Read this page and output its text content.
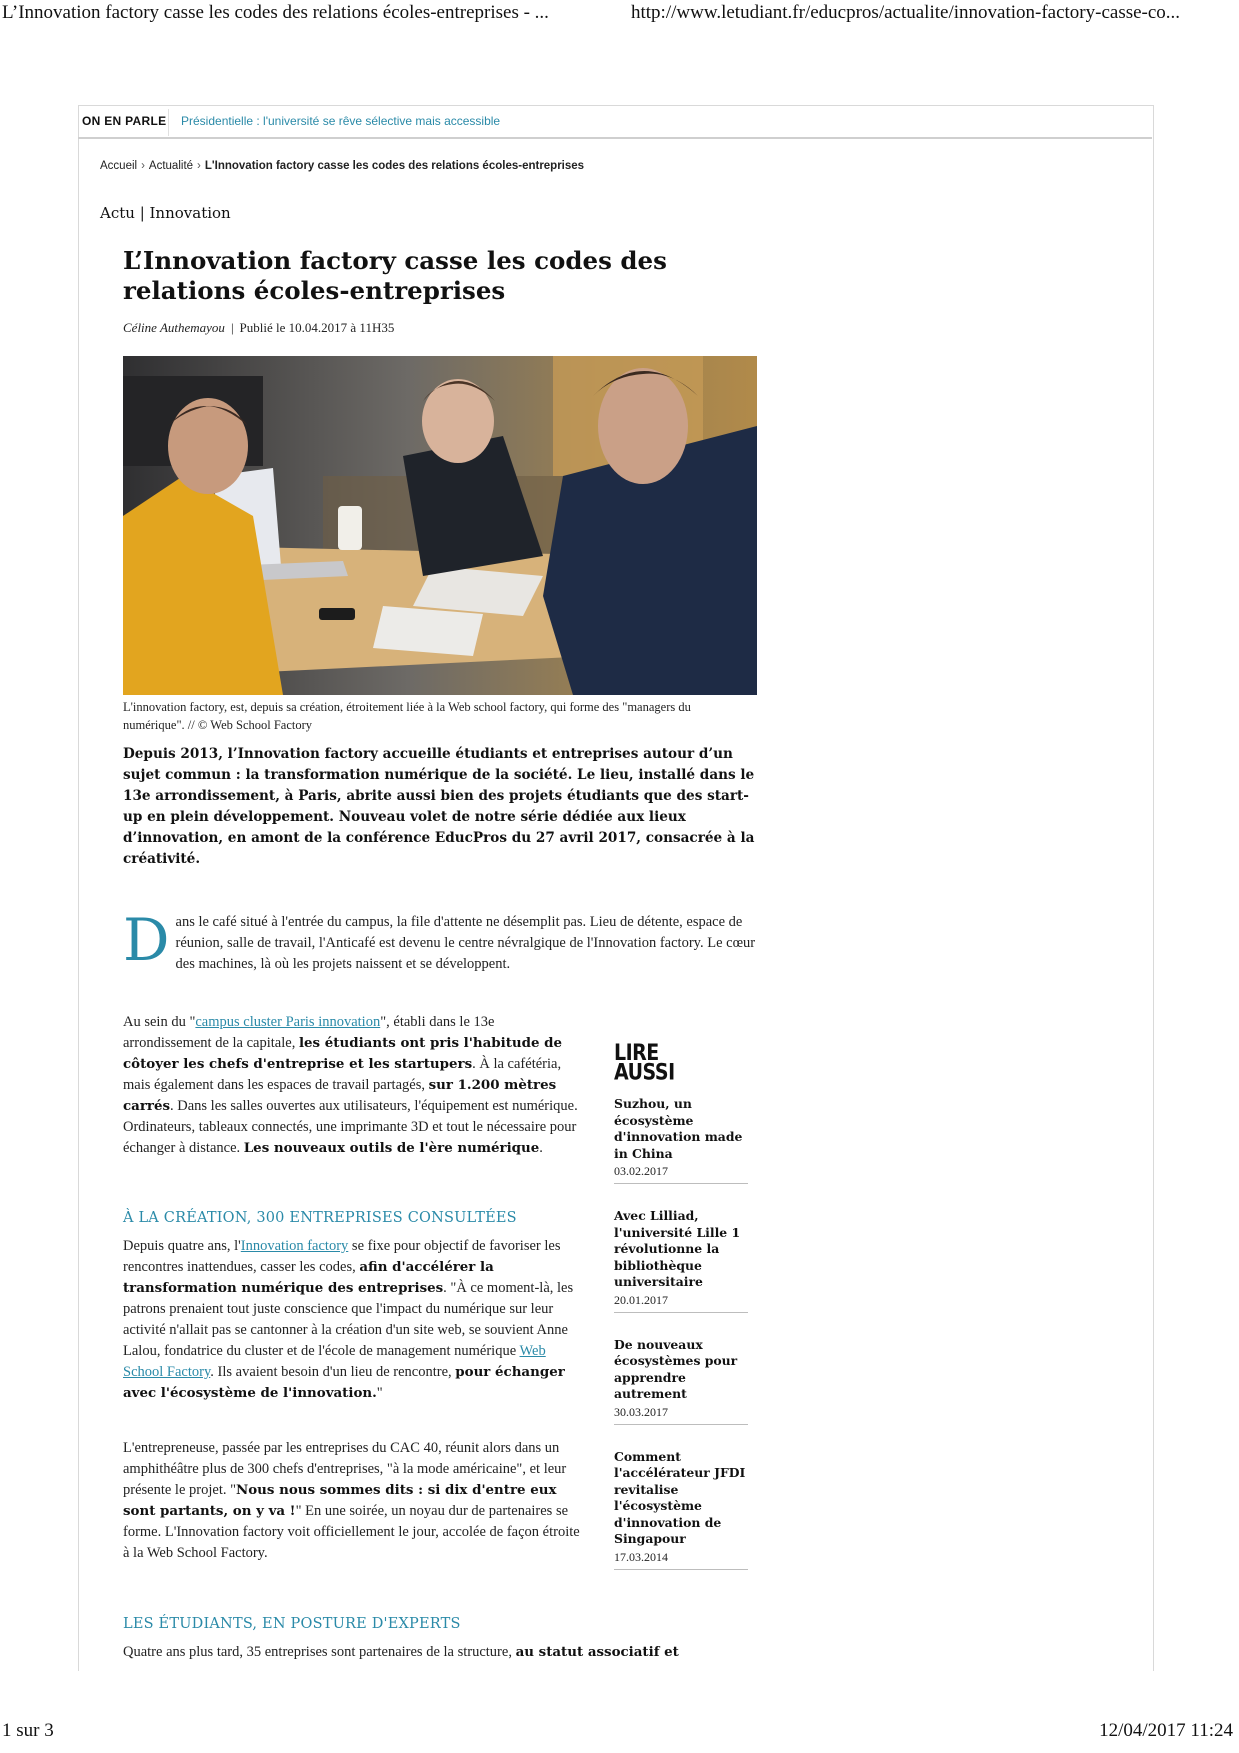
L’Innovation factory casse les codes des relations écoles-entreprises - ...	http://www.letudiant.fr/educpros/actualite/innovation-factory-casse-co...
ON EN PARLE Présidentielle : l'université se rêve sélective mais accessible
Accueil › Actualité › L'Innovation factory casse les codes des relations écoles-entreprises
Actu | Innovation
L’Innovation factory casse les codes des relations écoles-entreprises
Céline Authemayou | Publié le 10.04.2017 à 11H35
L'innovation factory, est, depuis sa création, étroitement liée à la Web school factory, qui forme des "managers du numérique". // © Web School Factory
Depuis 2013, l’Innovation factory accueille étudiants et entreprises autour d’un sujet commun : la transformation numérique de la société. Le lieu, installé dans le 13e arrondissement, à Paris, abrite aussi bien des projets étudiants que des start-up en plein développement. Nouveau volet de notre série dédiée aux lieux d’innovation, en amont de la conférence EducPros du 27 avril 2017, consacrée à la créativité.
Dans le café situé à l'entrée du campus, la file d'attente ne désemplit pas. Lieu de détente, espace de réunion, salle de travail, l'Anticafé est devenu le centre névralgique de l'Innovation factory. Le cœur des machines, là où les projets naissent et se développent.
Au sein du "campus cluster Paris innovation", établi dans le 13e arrondissement de la capitale, les étudiants ont pris l'habitude de côtoyer les chefs d'entreprise et les startupers. À la cafétéria, mais également dans les espaces de travail partagés, sur 1.200 mètres carrés. Dans les salles ouvertes aux utilisateurs, l'équipement est numérique. Ordinateurs, tableaux connectés, une imprimante 3D et tout le nécessaire pour échanger à distance. Les nouveaux outils de l'ère numérique.
À LA CRÉATION, 300 ENTREPRISES CONSULTÉES
Depuis quatre ans, l'Innovation factory se fixe pour objectif de favoriser les rencontres inattendues, casser les codes, afin d'accélérer la transformation numérique des entreprises. "À ce moment-là, les patrons prenaient tout juste conscience que l'impact du numérique sur leur activité n'allait pas se cantonner à la création d'un site web, se souvient Anne Lalou, fondatrice du cluster et de l'école de management numérique Web School Factory. Ils avaient besoin d'un lieu de rencontre, pour échanger avec l'écosystème de l'innovation."
L'entrepreneuse, passée par les entreprises du CAC 40, réunit alors dans un amphithéâtre plus de 300 chefs d'entreprises, "à la mode américaine", et leur présente le projet. "Nous nous sommes dits : si dix d'entre eux sont partants, on y va !" En une soirée, un noyau dur de partenaires se forme. L'Innovation factory voit officiellement le jour, accolée de façon étroite à la Web School Factory.
LES ÉTUDIANTS, EN POSTURE D'EXPERTS
Quatre ans plus tard, 35 entreprises sont partenaires de la structure, au statut associatif et
LIRE
AUSSI
Suzhou, un écosystème d'innovation made in China
03.02.2017
Avec Lilliad, l'université Lille 1 révolutionne la bibliothèque universitaire
20.01.2017
De nouveaux écosystèmes pour apprendre autrement
30.03.2017
Comment l'accélérateur JFDI revitalise l'écosystème d'innovation de Singapour
17.03.2014
1 sur 3	12/04/2017 11:24
